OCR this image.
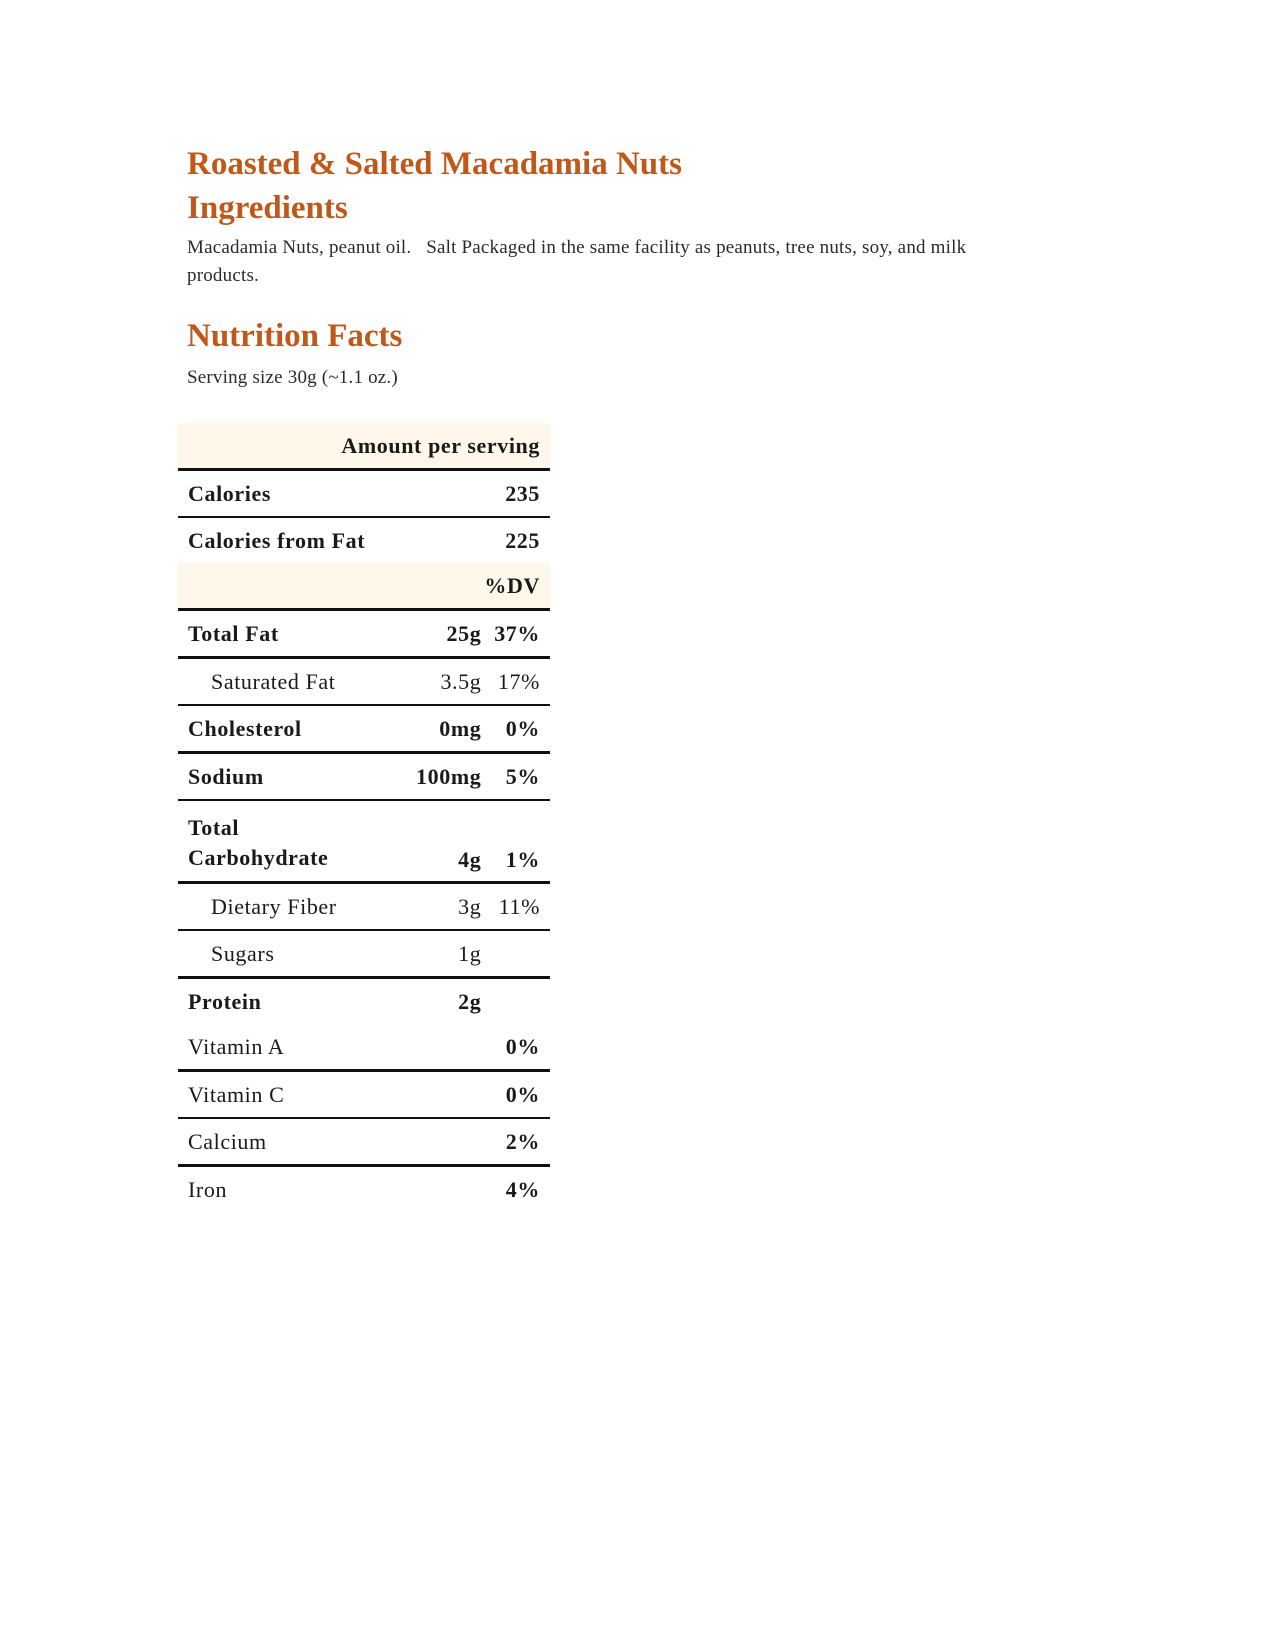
Roasted & Salted Macadamia Nuts
Ingredients

Macadamia Nuts, peanut oil.   Salt Packaged in the same facility as peanuts, tree nuts, soy, and milk products.

Nutrition Facts

Serving size 30g (~1.1 oz.)

Amount per serving		
Calories		235
Calories from Fat		225
%DV		
Total Fat	25g	37%
Saturated Fat	3.5g	17%
Cholesterol	0mg	0%
Sodium	100mg	5%
Total Carbohydrate	4g	1%
Dietary Fiber	3g	11%
Sugars	1g	
Protein	2g	
Vitamin A		0%
Vitamin C		0%
Calcium		2%
Iron		4%
